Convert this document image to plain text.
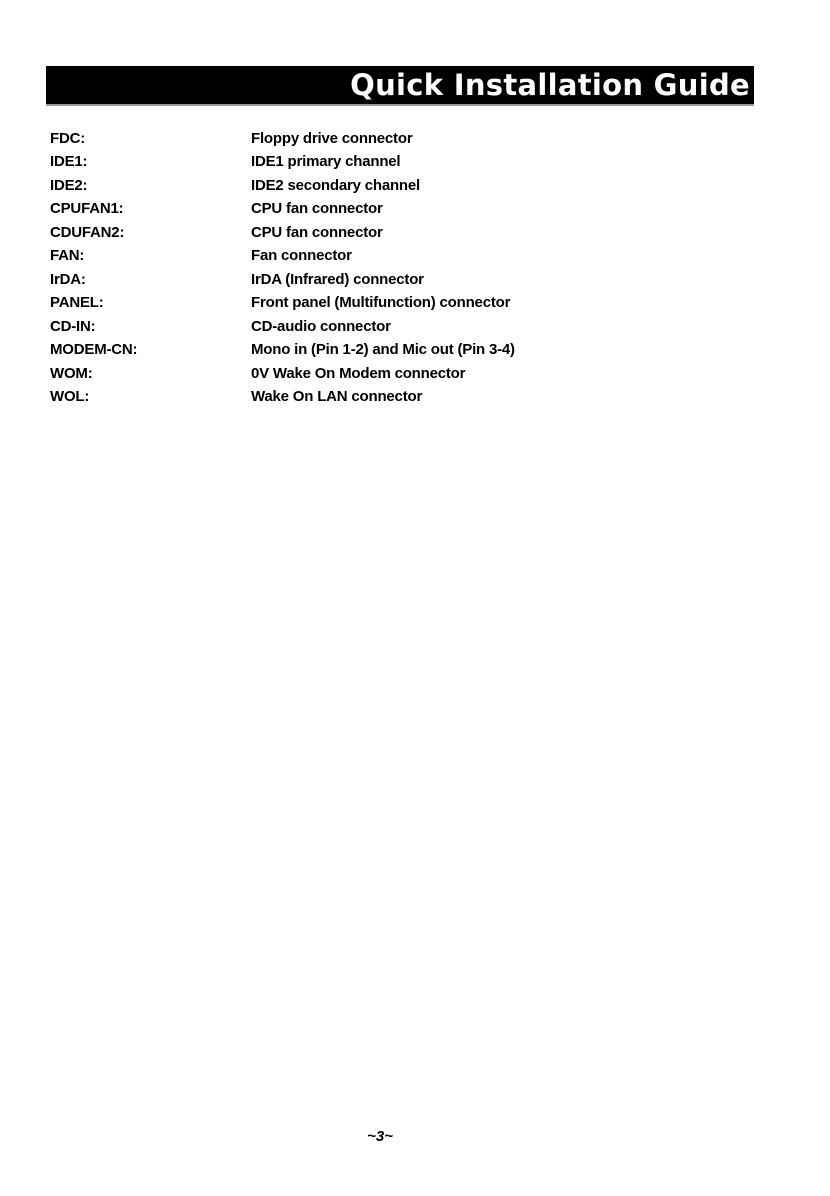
Quick Installation Guide
FDC:	Floppy drive connector
IDE1:	IDE1 primary channel
IDE2:	IDE2 secondary channel
CPUFAN1:	CPU fan connector
CDUFAN2:	CPU fan connector
FAN:	Fan connector
IrDA:	IrDA (Infrared) connector
PANEL:	Front panel (Multifunction) connector
CD-IN:	CD-audio connector
MODEM-CN:	Mono in (Pin 1-2) and Mic out (Pin 3-4)
WOM:	0V Wake On Modem connector
WOL:	Wake On LAN connector
~3~
